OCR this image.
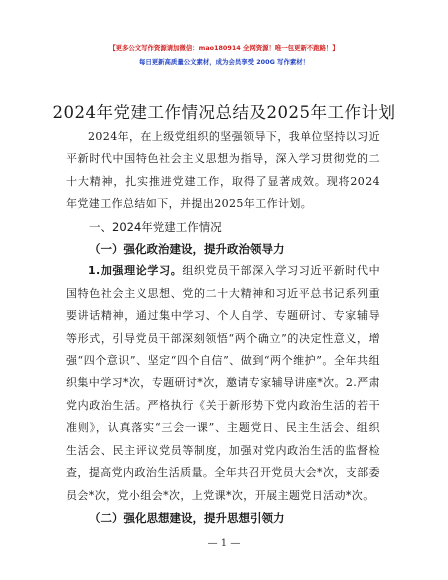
【更多公文写作资源请加微信：mao180914 全网资源！唯一包更新不跑路！】
每日更新高质量公文素材，成为会员享受 200G 写作素材！
2024年党建工作情况总结及2025年工作计划

2024年，在上级党组织的坚强领导下，我单位坚持以习近平新时代中国特色社会主义思想为指导，深入学习贯彻党的二十大精神，扎实推进党建工作，取得了显著成效。现将2024年党建工作总结如下，并提出2025年工作计划。

一、2024年党建工作情况

（一）强化政治建设，提升政治领导力

1.加强理论学习。组织党员干部深入学习习近平新时代中国特色社会主义思想、党的二十大精神和习近平总书记系列重要讲话精神，通过集中学习、个人自学、专题研讨、专家辅导等形式，引导党员干部深刻领悟“两个确立”的决定性意义，增强“四个意识”、坚定“四个自信”、做到“两个维护”。全年共组织集中学习*次，专题研讨*次，邀请专家辅导讲座*次。2.严肃党内政治生活。严格执行《关于新形势下党内政治生活的若干准则》，认真落实“三会一课”、主题党日、民主生活会、组织生活会、民主评议党员等制度，加强对党内政治生活的监督检查，提高党内政治生活质量。全年共召开党员大会*次，支部委员会*次，党小组会*次，上党课*次，开展主题党日活动*次。

（二）强化思想建设，提升思想引领力

— 1 —
